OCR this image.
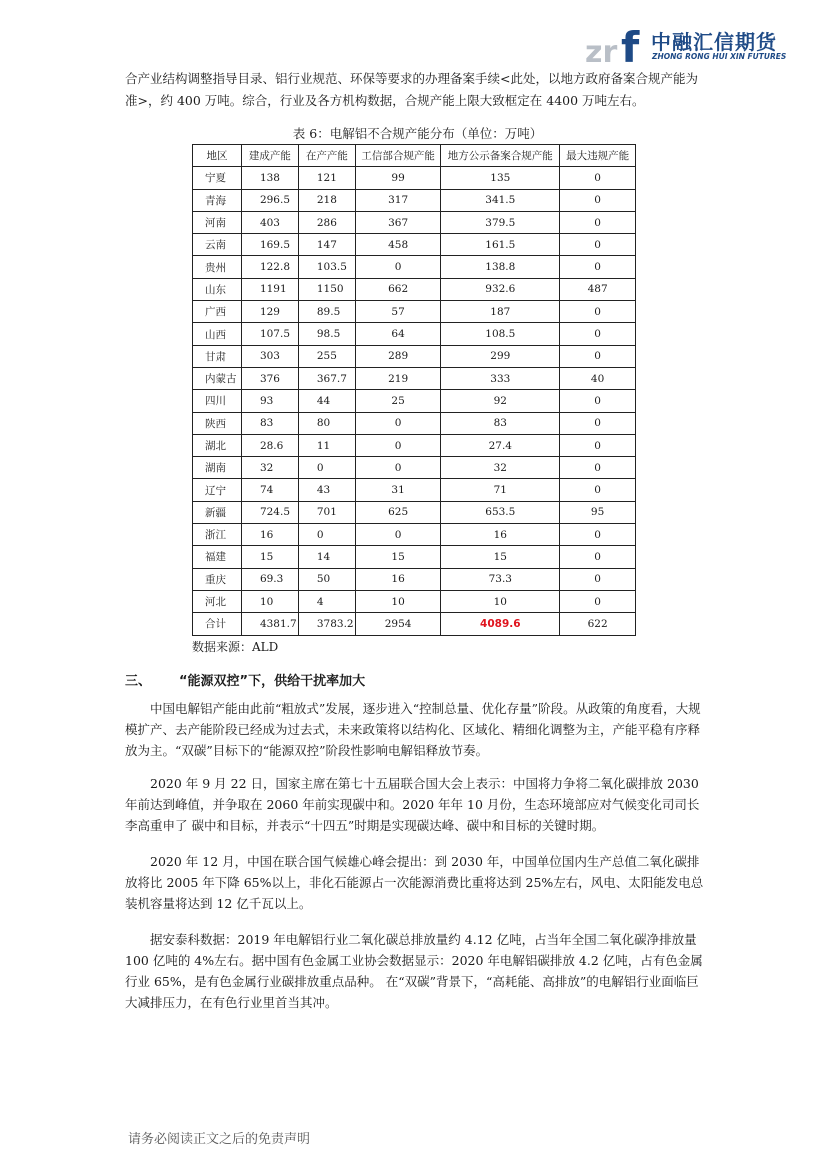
zr f 中融汇信期货
ZHONG RONG HUI XIN FUTURES
合产业结构调整指导目录、铝行业规范、环保等要求的办理备案手续<此处，以地方政府备案合规产能为准>，约 400 万吨。综合，行业及各方机构数据，合规产能上限大致框定在 4400 万吨左右。
表 6：电解铝不合规产能分布（单位：万吨）
地区	建成产能	在产产能	工信部合规产能	地方公示备案合规产能	最大违规产能
宁夏	138	121	99	135	0
青海	296.5	218	317	341.5	0
河南	403	286	367	379.5	0
云南	169.5	147	458	161.5	0
贵州	122.8	103.5	0	138.8	0
山东	1191	1150	662	932.6	487
广西	129	89.5	57	187	0
山西	107.5	98.5	64	108.5	0
甘肃	303	255	289	299	0
内蒙古	376	367.7	219	333	40
四川	93	44	25	92	0
陕西	83	80	0	83	0
湖北	28.6	11	0	27.4	0
湖南	32	0	0	32	0
辽宁	74	43	31	71	0
新疆	724.5	701	625	653.5	95
浙江	16	0	0	16	0
福建	15	14	15	15	0
重庆	69.3	50	16	73.3	0
河北	10	4	10	10	0
合计	4381.7	3783.2	2954	4089.6	622
数据来源：ALD
三、 “能源双控”下，供给干扰率加大
中国电解铝产能由此前“粗放式”发展，逐步进入“控制总量、优化存量”阶段。从政策的角度看，大规模扩产、去产能阶段已经成为过去式，未来政策将以结构化、区域化、精细化调整为主，产能平稳有序释放为主。“双碳”目标下的“能源双控”阶段性影响电解铝释放节奏。
2020 年 9 月 22 日，国家主席在第七十五届联合国大会上表示：中国将力争将二氧化碳排放 2030 年前达到峰值，并争取在 2060 年前实现碳中和。2020 年年 10 月份，生态环境部应对气候变化司司长李高重申了 碳中和目标，并表示“十四五”时期是实现碳达峰、碳中和目标的关键时期。
2020 年 12 月，中国在联合国气候雄心峰会提出：到 2030 年，中国单位国内生产总值二氧化碳排放将比 2005 年下降 65%以上，非化石能源占一次能源消费比重将达到 25%左右，风电、太阳能发电总装机容量将达到 12 亿千瓦以上。
据安泰科数据：2019 年电解铝行业二氧化碳总排放量约 4.12 亿吨，占当年全国二氧化碳净排放量 100 亿吨的 4%左右。据中国有色金属工业协会数据显示：2020 年电解铝碳排放 4.2 亿吨，占有色金属行业 65%，是有色金属行业碳排放重点品种。 在“双碳”背景下，“高耗能、高排放”的电解铝行业面临巨大减排压力，在有色行业里首当其冲。
请务必阅读正文之后的免责声明
